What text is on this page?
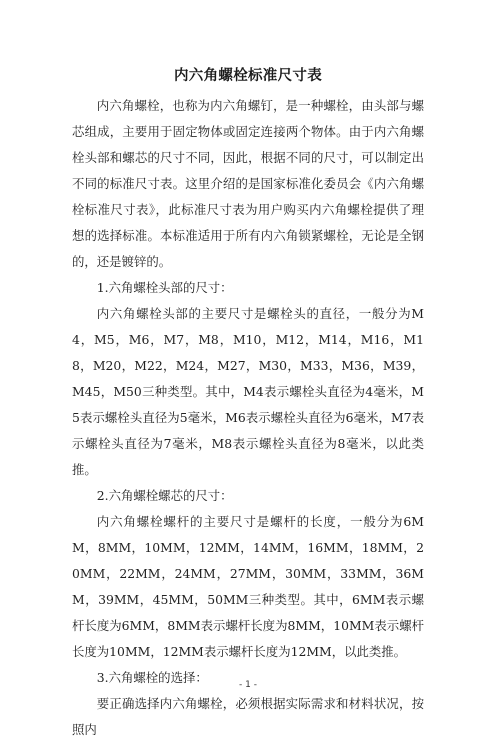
内六角螺栓标准尺寸表

内六角螺栓，也称为内六角螺钉，是一种螺栓，由头部与螺芯组成，主要用于固定物体或固定连接两个物体。由于内六角螺栓头部和螺芯的尺寸不同，因此，根据不同的尺寸，可以制定出不同的标准尺寸表。这里介绍的是国家标准化委员会《内六角螺栓标准尺寸表》，此标准尺寸表为用户购买内六角螺栓提供了理想的选择标准。本标准适用于所有内六角锁紧螺栓，无论是全钢的，还是镀锌的。

1.六角螺栓头部的尺寸：

内六角螺栓头部的主要尺寸是螺栓头的直径，一般分为M4，M5，M6，M7，M8，M10，M12，M14，M16，M18，M20，M22，M24，M27，M30，M33，M36，M39，M45，M50三种类型。其中，M4表示螺栓头直径为4毫米，M5表示螺栓头直径为5毫米，M6表示螺栓头直径为6毫米，M7表示螺栓头直径为7毫米，M8表示螺栓头直径为8毫米，以此类推。

2.六角螺栓螺芯的尺寸：

内六角螺栓螺杆的主要尺寸是螺杆的长度，一般分为6MM，8MM，10MM，12MM，14MM，16MM，18MM，20MM，22MM，24MM，27MM，30MM，33MM，36MM，39MM，45MM，50MM三种类型。其中，6MM表示螺杆长度为6MM，8MM表示螺杆长度为8MM，10MM表示螺杆长度为10MM，12MM表示螺杆长度为12MM，以此类推。

3.六角螺栓的选择：

要正确选择内六角螺栓，必须根据实际需求和材料状况，按照内

- 1 -
